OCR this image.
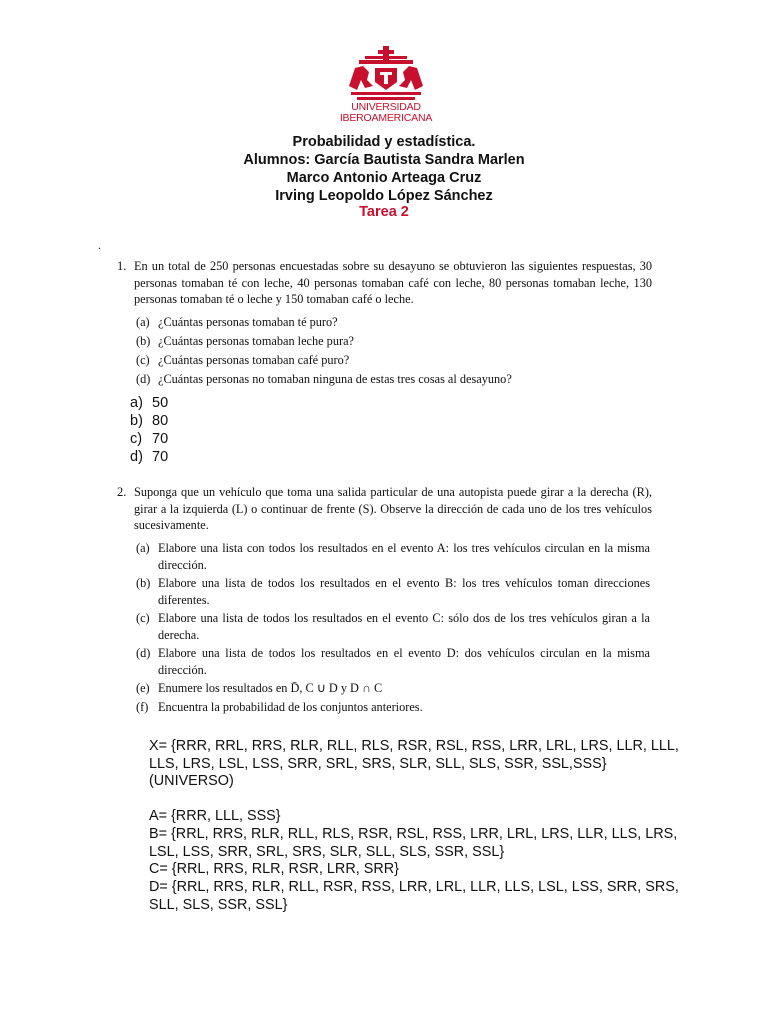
UNIVERSIDAD
IBEROAMERICANA
Probabilidad y estadística.
Alumnos: García Bautista Sandra Marlen
Marco Antonio Arteaga Cruz
Irving Leopoldo López Sánchez
Tarea 2
.
1. En un total de 250 personas encuestadas sobre su desayuno se obtuvieron las siguientes respuestas, 30 personas tomaban té con leche, 40 personas tomaban café con leche, 80 personas tomaban leche, 130 personas tomaban té o leche y 150 tomaban café o leche.
(a) ¿Cuántas personas tomaban té puro?
(b) ¿Cuántas personas tomaban leche pura?
(c) ¿Cuántas personas tomaban café puro?
(d) ¿Cuántas personas no tomaban ninguna de estas tres cosas al desayuno?
a) 50
b) 80
c) 70
d) 70
2. Suponga que un vehículo que toma una salida particular de una autopista puede girar a la derecha (R), girar a la izquierda (L) o continuar de frente (S). Observe la dirección de cada uno de los tres vehículos sucesivamente.
(a) Elabore una lista con todos los resultados en el evento A: los tres vehículos circulan en la misma dirección.
(b) Elabore una lista de todos los resultados en el evento B: los tres vehículos toman direcciones diferentes.
(c) Elabore una lista de todos los resultados en el evento C: sólo dos de los tres vehículos giran a la derecha.
(d) Elabore una lista de todos los resultados en el evento D: dos vehículos circulan en la misma dirección.
(e) Enumere los resultados en D̄, C ∪ D y D ∩ C
(f) Encuentra la probabilidad de los conjuntos anteriores.
X= {RRR, RRL, RRS, RLR, RLL, RLS, RSR, RSL, RSS, LRR, LRL, LRS, LLR, LLL, LLS, LRS, LSL, LSS, SRR, SRL, SRS, SLR, SLL, SLS, SSR, SSL,SSS} (UNIVERSO)
A= {RRR, LLL, SSS}
B= {RRL, RRS, RLR, RLL, RLS, RSR, RSL, RSS, LRR, LRL, LRS, LLR, LLS, LRS, LSL, LSS, SRR, SRL, SRS, SLR, SLL, SLS, SSR, SSL}
C= {RRL, RRS, RLR, RSR, LRR, SRR}
D= {RRL, RRS, RLR, RLL, RSR, RSS, LRR, LRL, LLR, LLS, LSL, LSS, SRR, SRS, SLL, SLS, SSR, SSL}
